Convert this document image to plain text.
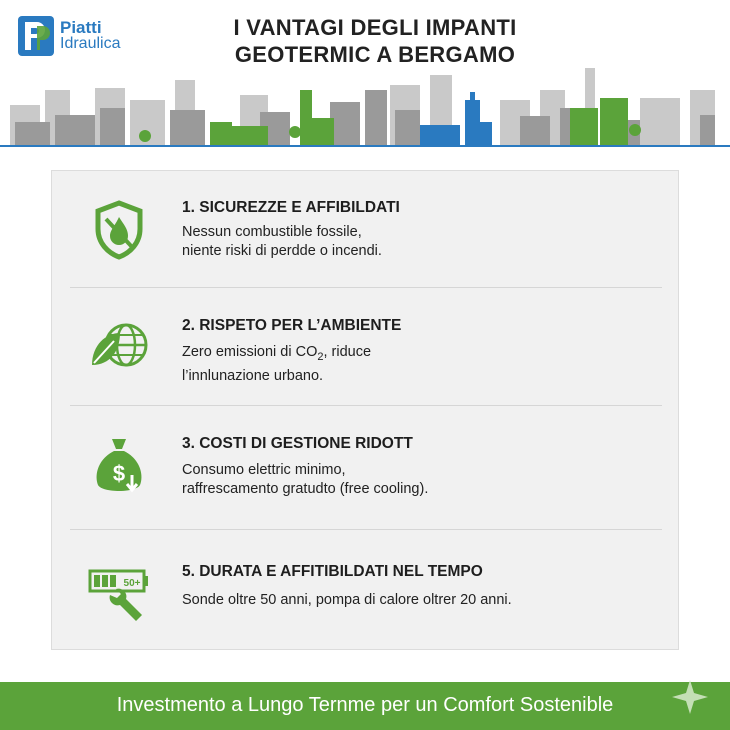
Piatti
Idraulica
I VANTAGI DEGLI IMPANTI
GEOTERMIC A BERGAMO
1. SICUREZZE E AFFIBILDATI
Nessun combustible fossile,
niente riski di perdde o incendi.
2. RISPETO PER L’AMBIENTE
Zero emissioni di $CO_2$, riduce
l’innlunazione urbano.
$
3. COSTI DI GESTIONE RIDOTT
Consumo elettric minimo,
raffrescamento gratudto (free cooling).
50+
5. DURATA E AFFITIBILDATI NEL TEMPO
Sonde oltre 50 anni, pompa di calore oltrer 20 anni.
Investmento a Lungo Ternme per un Comfort Sostenible
